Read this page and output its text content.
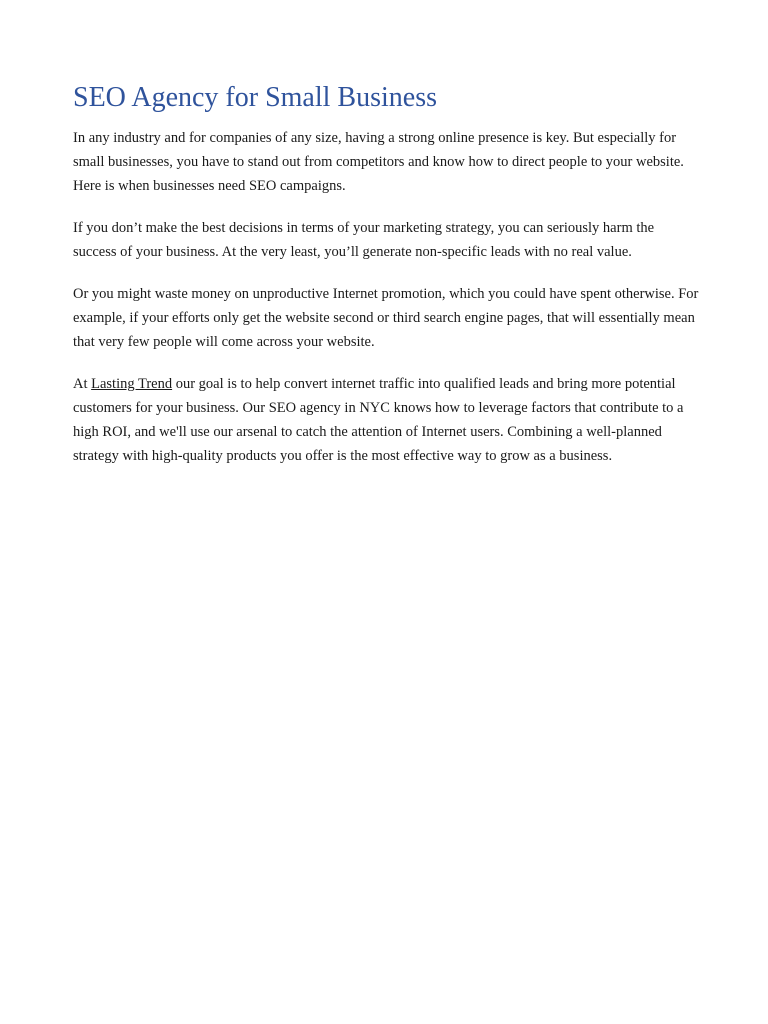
SEO Agency for Small Business

In any industry and for companies of any size, having a strong online presence is key. But especially for small businesses, you have to stand out from competitors and know how to direct people to your website. Here is when businesses need SEO campaigns.

If you don’t make the best decisions in terms of your marketing strategy, you can seriously harm the success of your business. At the very least, you’ll generate non-specific leads with no real value.

Or you might waste money on unproductive Internet promotion, which you could have spent otherwise. For example, if your efforts only get the website second or third search engine pages, that will essentially mean that very few people will come across your website.

At Lasting Trend our goal is to help convert internet traffic into qualified leads and bring more potential customers for your business. Our SEO agency in NYC knows how to leverage factors that contribute to a high ROI, and we'll use our arsenal to catch the attention of Internet users. Combining a well-planned strategy with high-quality products you offer is the most effective way to grow as a business.
